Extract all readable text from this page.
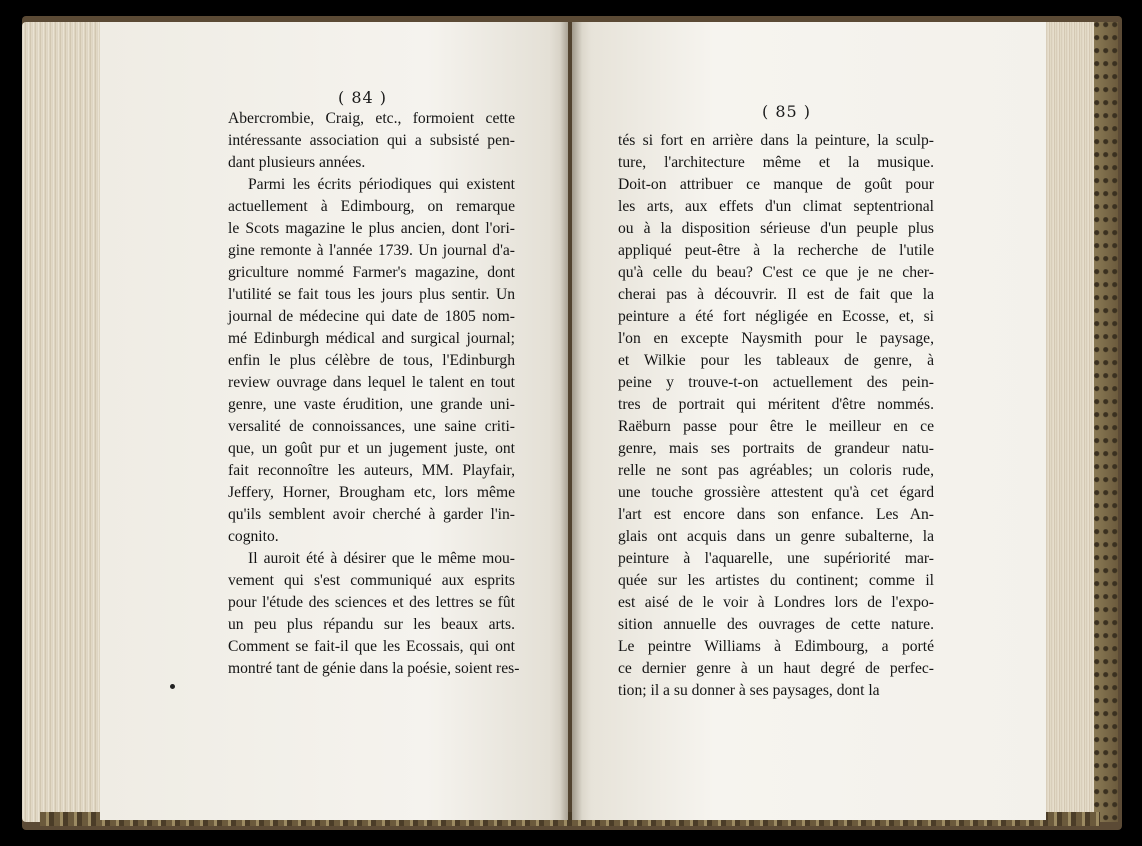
( 84 )
( 85 )
Abercrombie, Craig, etc., formoient cette
intéressante association qui a subsisté pen-
dant plusieurs années.
Parmi les écrits périodiques qui existent
actuellement à Edimbourg, on remarque
le Scots magazine le plus ancien, dont l'ori-
gine remonte à l'année 1739. Un journal d'a-
griculture nommé Farmer's magazine, dont
l'utilité se fait tous les jours plus sentir. Un
journal de médecine qui date de 1805 nom-
mé Edinburgh médical and surgical journal;
enfin le plus célèbre de tous, l'Edinburgh
review ouvrage dans lequel le talent en tout
genre, une vaste érudition, une grande uni-
versalité de connoissances, une saine criti-
que, un goût pur et un jugement juste, ont
fait reconnoître les auteurs, MM. Playfair,
Jeffery, Horner, Brougham etc, lors même
qu'ils semblent avoir cherché à garder l'in-
cognito.
Il auroit été à désirer que le même mou-
vement qui s'est communiqué aux esprits
pour l'étude des sciences et des lettres se fût
un peu plus répandu sur les beaux arts.
Comment se fait-il que les Ecossais, qui ont
montré tant de génie dans la poésie, soient res-
tés si fort en arrière dans la peinture, la sculp-
ture, l'architecture même et la musique.
Doit-on attribuer ce manque de goût pour
les arts, aux effets d'un climat septentrional
ou à la disposition sérieuse d'un peuple plus
appliqué peut-être à la recherche de l'utile
qu'à celle du beau? C'est ce que je ne cher-
cherai pas à découvrir. Il est de fait que la
peinture a été fort négligée en Ecosse, et, si
l'on en excepte Naysmith pour le paysage,
et Wilkie pour les tableaux de genre, à
peine y trouve-t-on actuellement des pein-
tres de portrait qui méritent d'être nommés.
Raëburn passe pour être le meilleur en ce
genre, mais ses portraits de grandeur natu-
relle ne sont pas agréables; un coloris rude,
une touche grossière attestent qu'à cet égard
l'art est encore dans son enfance. Les An-
glais ont acquis dans un genre subalterne, la
peinture à l'aquarelle, une supériorité mar-
quée sur les artistes du continent; comme il
est aisé de le voir à Londres lors de l'expo-
sition annuelle des ouvrages de cette nature.
Le peintre Williams à Edimbourg, a porté
ce dernier genre à un haut degré de perfec-
tion; il a su donner à ses paysages, dont la
